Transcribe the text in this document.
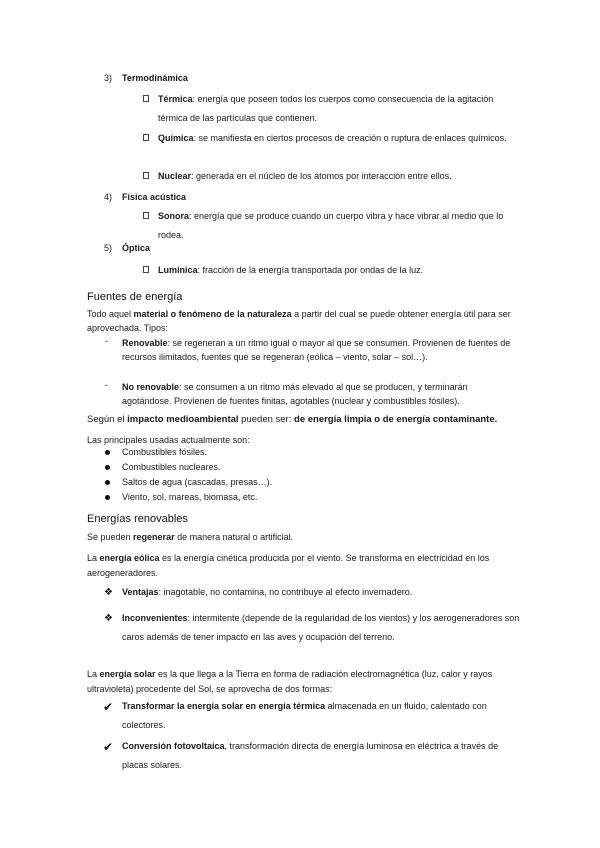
3) Termodinámica
Térmica: energía que poseen todos los cuerpos como consecuencia de la agitación térmica de las partículas que contienen.
Química: se manifiesta en ciertos procesos de creación o ruptura de enlaces químicos.
Nuclear: generada en el núcleo de los átomos por interacción entre ellos.
4) Física acústica
Sonora: energía que se produce cuando un cuerpo vibra y hace vibrar al medio que lo rodea.
5) Óptica
Lumínica: fracción de la energía transportada por ondas de la luz.
Fuentes de energía
Todo aquel material o fenómeno de la naturaleza a partir del cual se puede obtener energía útil para ser aprovechada. Tipos:
- Renovable: se regeneran a un ritmo igual o mayor al que se consumen. Provienen de fuentes de recursos ilimitados, fuentes que se regeneran (eólica – viento, solar – sol…).
- No renovable: se consumen a un ritmo más elevado al que se producen, y terminarán agotándose. Provienen de fuentes finitas, agotables (nuclear y combustibles fósiles).
Según el impacto medioambiental pueden ser: de energía limpia o de energía contaminante.
Las principales usadas actualmente son:
Combustibles fósiles.
Combustibles nucleares.
Saltos de agua (cascadas, presas…).
Viento, sol, mareas, biomasa, etc.
Energías renovables
Se pueden regenerar de manera natural o artificial.
La energía eólica es la energía cinética producida por el viento. Se transforma en electricidad en los aerogeneradores.
❖ Ventajas: inagotable, no contamina, no contribuye al efecto invernadero.
❖ Inconvenientes: intermitente (depende de la regularidad de los vientos) y los aerogeneradores son caros además de tener impacto en las aves y ocupación del terreno.
La energía solar es la que llega a la Tierra en forma de radiación electromagnética (luz, calor y rayos ultravioleta) procedente del Sol, se aprovecha de dos formas:
✔ Transformar la energía solar en energía térmica almacenada en un fluido, calentado con colectores.
✔ Conversión fotovoltaica, transformación directa de energía luminosa en eléctrica a través de placas solares.
